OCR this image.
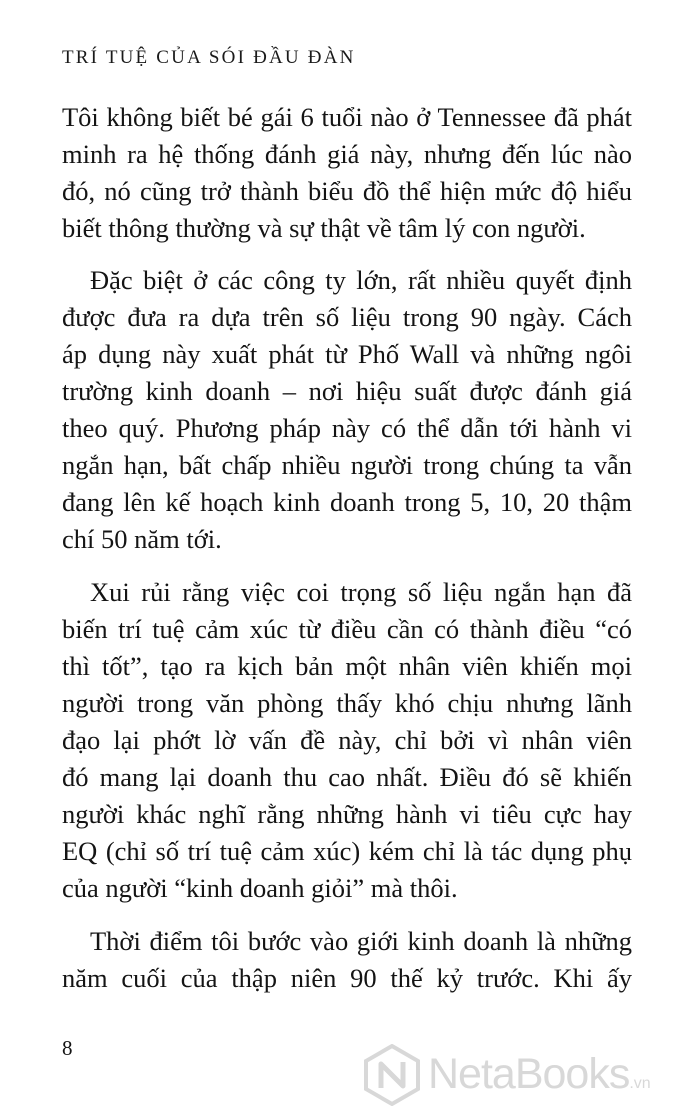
TRÍ TUỆ CỦA SÓI ĐẦU ĐÀN
Tôi không biết bé gái 6 tuổi nào ở Tennessee đã phát
minh ra hệ thống đánh giá này, nhưng đến lúc nào
đó, nó cũng trở thành biểu đồ thể hiện mức độ hiểu
biết thông thường và sự thật về tâm lý con người.
Đặc biệt ở các công ty lớn, rất nhiều quyết định
được đưa ra dựa trên số liệu trong 90 ngày. Cách
áp dụng này xuất phát từ Phố Wall và những ngôi
trường kinh doanh – nơi hiệu suất được đánh giá
theo quý. Phương pháp này có thể dẫn tới hành vi
ngắn hạn, bất chấp nhiều người trong chúng ta vẫn
đang lên kế hoạch kinh doanh trong 5, 10, 20 thậm
chí 50 năm tới.
Xui rủi rằng việc coi trọng số liệu ngắn hạn đã
biến trí tuệ cảm xúc từ điều cần có thành điều “có
thì tốt”, tạo ra kịch bản một nhân viên khiến mọi
người trong văn phòng thấy khó chịu nhưng lãnh
đạo lại phớt lờ vấn đề này, chỉ bởi vì nhân viên
đó mang lại doanh thu cao nhất. Điều đó sẽ khiến
người khác nghĩ rằng những hành vi tiêu cực hay
EQ (chỉ số trí tuệ cảm xúc) kém chỉ là tác dụng phụ
của người “kinh doanh giỏi” mà thôi.
Thời điểm tôi bước vào giới kinh doanh là những
năm cuối của thập niên 90 thế kỷ trước. Khi ấy
8
NetaBooks.vn
